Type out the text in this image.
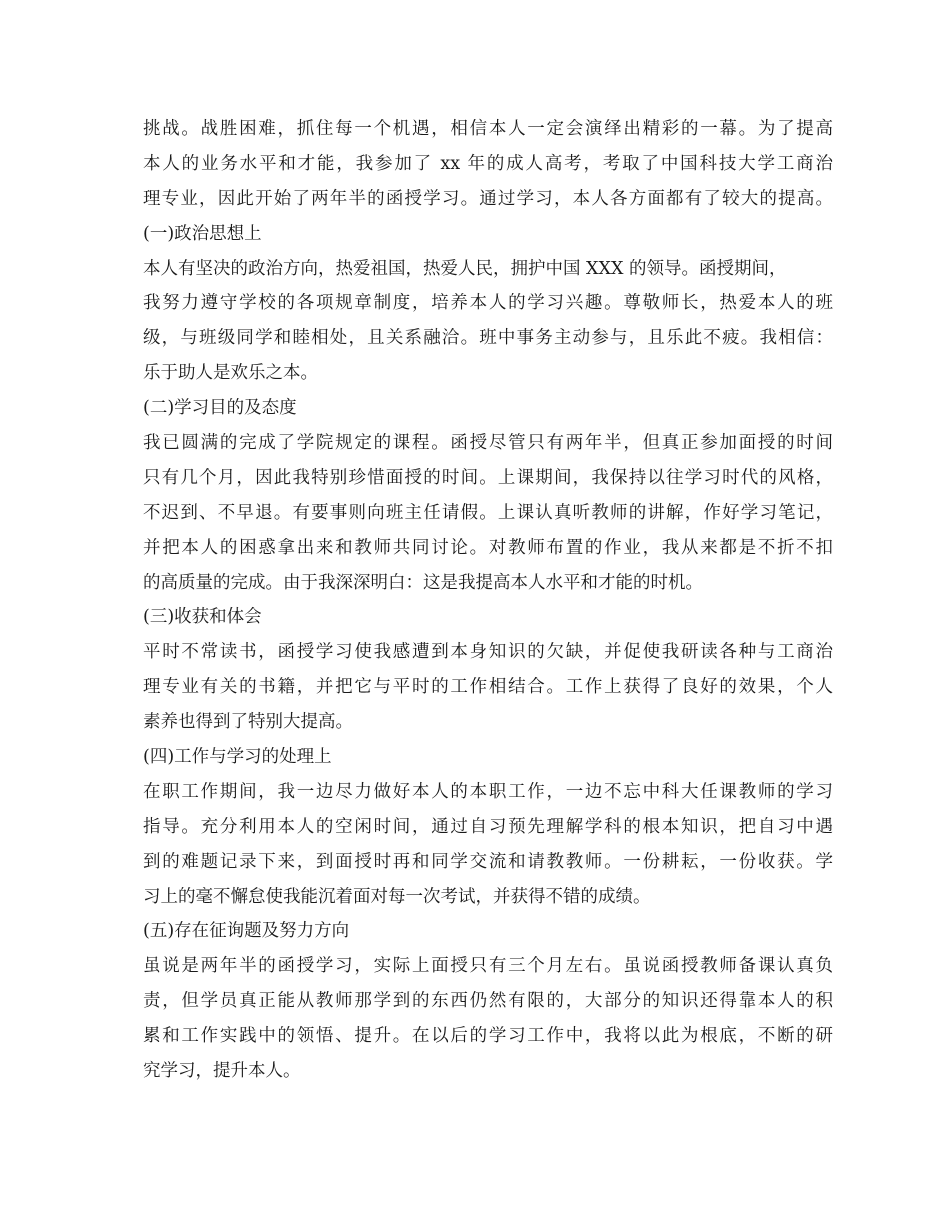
挑战。战胜困难，抓住每一个机遇，相信本人一定会演绎出精彩的一幕。为了提高
本人的业务水平和才能，我参加了 xx 年的成人高考，考取了中国科技大学工商治
理专业，因此开始了两年半的函授学习。通过学习，本人各方面都有了较大的提高。
(一)政治思想上
本人有坚决的政治方向，热爱祖国，热爱人民，拥护中国 XXX 的领导。函授期间，
我努力遵守学校的各项规章制度，培养本人的学习兴趣。尊敬师长，热爱本人的班
级，与班级同学和睦相处，且关系融洽。班中事务主动参与，且乐此不疲。我相信：
乐于助人是欢乐之本。
(二)学习目的及态度
我已圆满的完成了学院规定的课程。函授尽管只有两年半，但真正参加面授的时间
只有几个月，因此我特别珍惜面授的时间。上课期间，我保持以往学习时代的风格，
不迟到、不早退。有要事则向班主任请假。上课认真听教师的讲解，作好学习笔记，
并把本人的困惑拿出来和教师共同讨论。对教师布置的作业，我从来都是不折不扣
的高质量的完成。由于我深深明白：这是我提高本人水平和才能的时机。
(三)收获和体会
平时不常读书，函授学习使我感遭到本身知识的欠缺，并促使我研读各种与工商治
理专业有关的书籍，并把它与平时的工作相结合。工作上获得了良好的效果，个人
素养也得到了特别大提高。
(四)工作与学习的处理上
在职工作期间，我一边尽力做好本人的本职工作，一边不忘中科大任课教师的学习
指导。充分利用本人的空闲时间，通过自习预先理解学科的根本知识，把自习中遇
到的难题记录下来，到面授时再和同学交流和请教教师。一份耕耘，一份收获。学
习上的毫不懈怠使我能沉着面对每一次考试，并获得不错的成绩。
(五)存在征询题及努力方向
虽说是两年半的函授学习，实际上面授只有三个月左右。虽说函授教师备课认真负
责，但学员真正能从教师那学到的东西仍然有限的，大部分的知识还得靠本人的积
累和工作实践中的领悟、提升。在以后的学习工作中，我将以此为根底，不断的研
究学习，提升本人。
